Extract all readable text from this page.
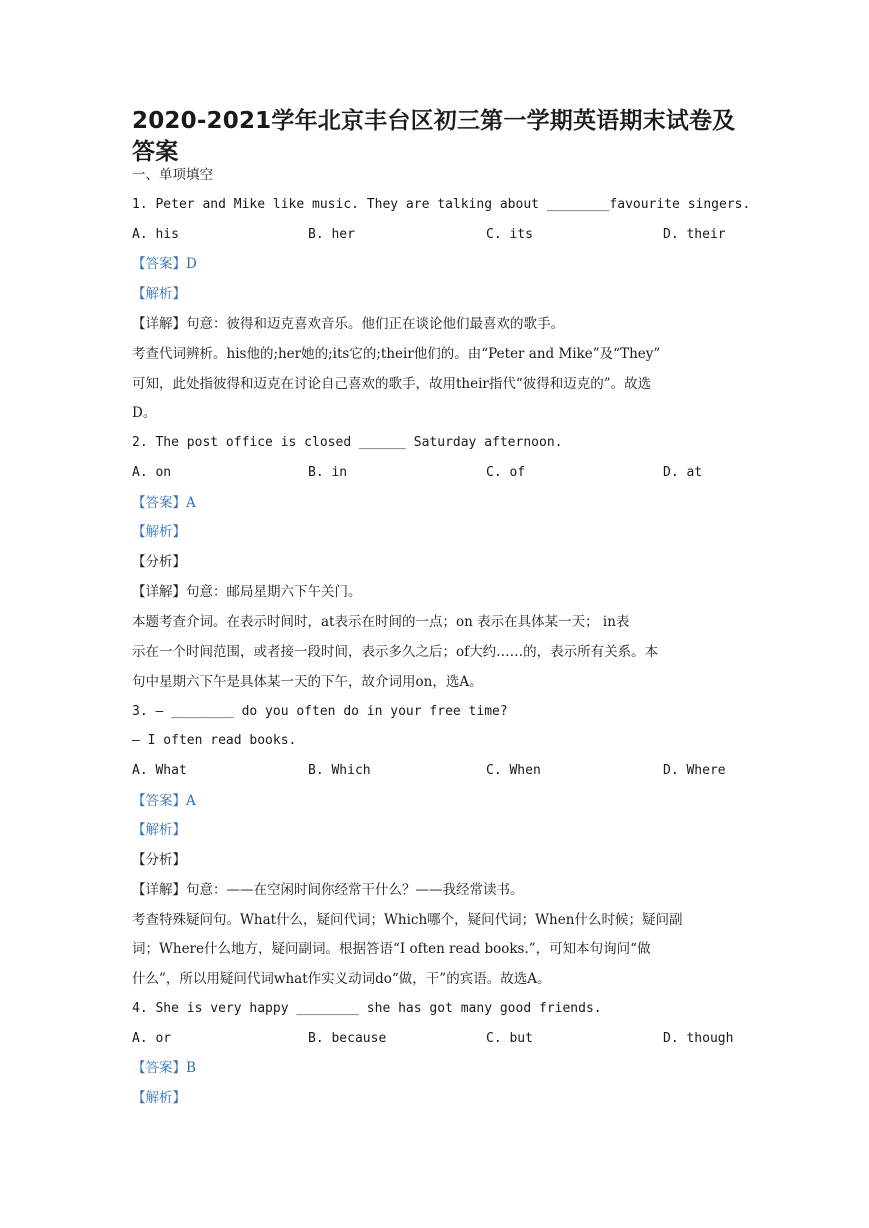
2020-2021学年北京丰台区初三第一学期英语期末试卷及答案
一、单项填空
1. Peter and Mike like music. They are talking about ________favourite singers.
A. his	B. her	C. its	D. their
【答案】D
【解析】
【详解】句意：彼得和迈克喜欢音乐。他们正在谈论他们最喜欢的歌手。
考查代词辨析。his他的;her她的;its它的;their他们的。由“Peter and Mike”及“They”
可知，此处指彼得和迈克在讨论自己喜欢的歌手，故用their指代“彼得和迈克的”。故选
D。
2. The post office is closed ______ Saturday afternoon.
A. on	B. in	C. of	D. at
【答案】A
【解析】
【分析】
【详解】句意：邮局星期六下午关门。
本题考查介词。在表示时间时，at表示在时间的一点；on 表示在具体某一天； in表
示在一个时间范围，或者接一段时间，表示多久之后；of大约……的，表示所有关系。本
句中星期六下午是具体某一天的下午，故介词用on，选A。
3. — ________ do you often do in your free time?
— I often read books.
A. What	B. Which	C. When	D. Where
【答案】A
【解析】
【分析】
【详解】句意：——在空闲时间你经常干什么？——我经常读书。
考查特殊疑问句。What什么，疑问代词；Which哪个，疑问代词；When什么时候；疑问副
词；Where什么地方，疑问副词。根据答语“I often read books.”，可知本句询问“做
什么”，所以用疑问代词what作实义动词do“做，干”的宾语。故选A。
4. She is very happy ________ she has got many good friends.
A. or	B. because	C. but	D. though
【答案】B
【解析】
